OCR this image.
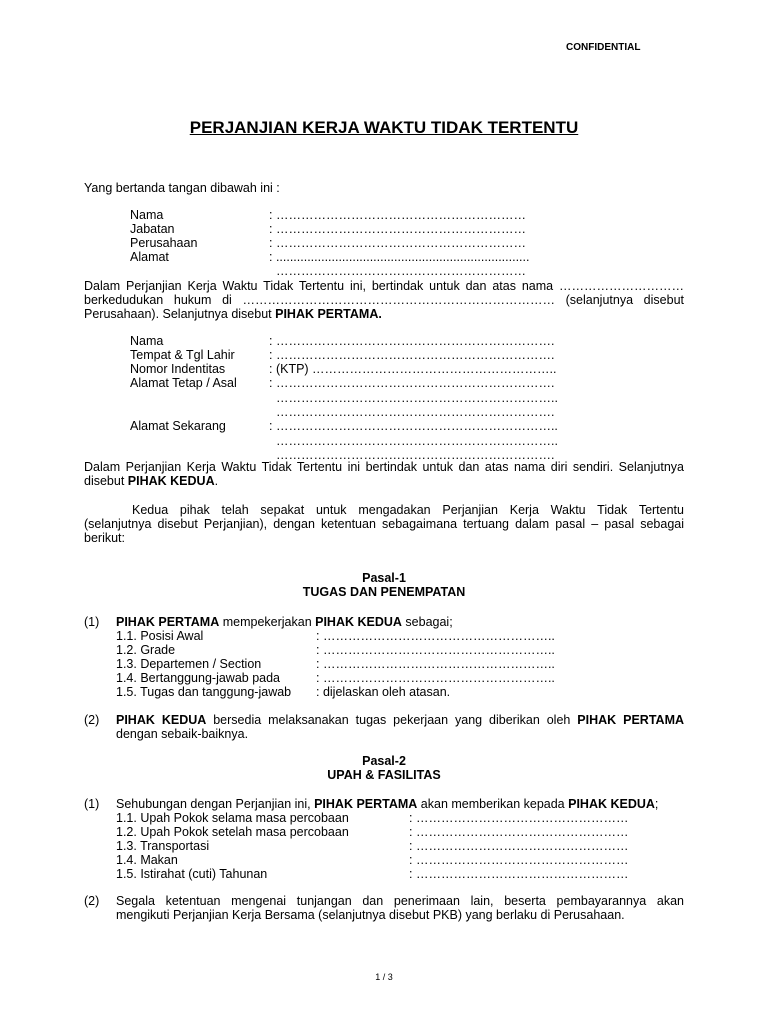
CONFIDENTIAL
PERJANJIAN KERJA WAKTU TIDAK TERTENTU
Yang bertanda tangan dibawah ini :
Nama	: ……………………………………………………
Jabatan	: ……………………………………………………
Perusahaan	: ……………………………………………………
Alamat	: .........................................................................
……………………………………………………
Dalam Perjanjian Kerja Waktu Tidak Tertentu ini, bertindak untuk dan atas nama …………………………
berkedudukan hukum di ………………………………………………………………… (selanjutnya disebut
Perusahaan). Selanjutnya disebut PIHAK PERTAMA.
Nama	: ………………………………………………………….
Tempat & Tgl Lahir	: ………………………………………………………….
Nomor Indentitas	: (KTP) …………………………………………………..
Alamat Tetap / Asal	: ………………………………………………………….
…………………………………………………………..
………………………………………………………….
Alamat Sekarang	: …………………………………………………………..
…………………………………………………………..
………………………………………………………….
Dalam Perjanjian Kerja Waktu Tidak Tertentu ini bertindak untuk dan atas nama diri sendiri. Selanjutnya
disebut PIHAK KEDUA.
Kedua pihak telah sepakat untuk mengadakan Perjanjian Kerja Waktu Tidak Tertentu
(selanjutnya disebut Perjanjian), dengan ketentuan sebagaimana tertuang dalam pasal – pasal sebagai
berikut:
Pasal-1
TUGAS DAN PENEMPATAN
(1) PIHAK PERTAMA mempekerjakan PIHAK KEDUA sebagai;
1.1. Posisi Awal	: ………………………………………………..
1.2. Grade	: ………………………………………………..
1.3. Departemen / Section	: ………………………………………………..
1.4. Bertanggung-jawab pada	: ………………………………………………..
1.5. Tugas dan tanggung-jawab : dijelaskan oleh atasan.
(2) PIHAK KEDUA bersedia melaksanakan tugas pekerjaan yang diberikan oleh PIHAK PERTAMA
dengan sebaik-baiknya.
Pasal-2
UPAH & FASILITAS
(1) Sehubungan dengan Perjanjian ini, PIHAK PERTAMA akan memberikan kepada PIHAK KEDUA;
1.1. Upah Pokok selama masa percobaan	: ……………………………………………
1.2. Upah Pokok setelah masa percobaan	: ……………………………………………
1.3. Transportasi	: ……………………………………………
1.4. Makan	: ……………………………………………
1.5. Istirahat (cuti) Tahunan	: ……………………………………………
(2) Segala ketentuan mengenai tunjangan dan penerimaan lain, beserta pembayarannya akan
mengikuti Perjanjian Kerja Bersama (selanjutnya disebut PKB) yang berlaku di Perusahaan.
1 / 3
